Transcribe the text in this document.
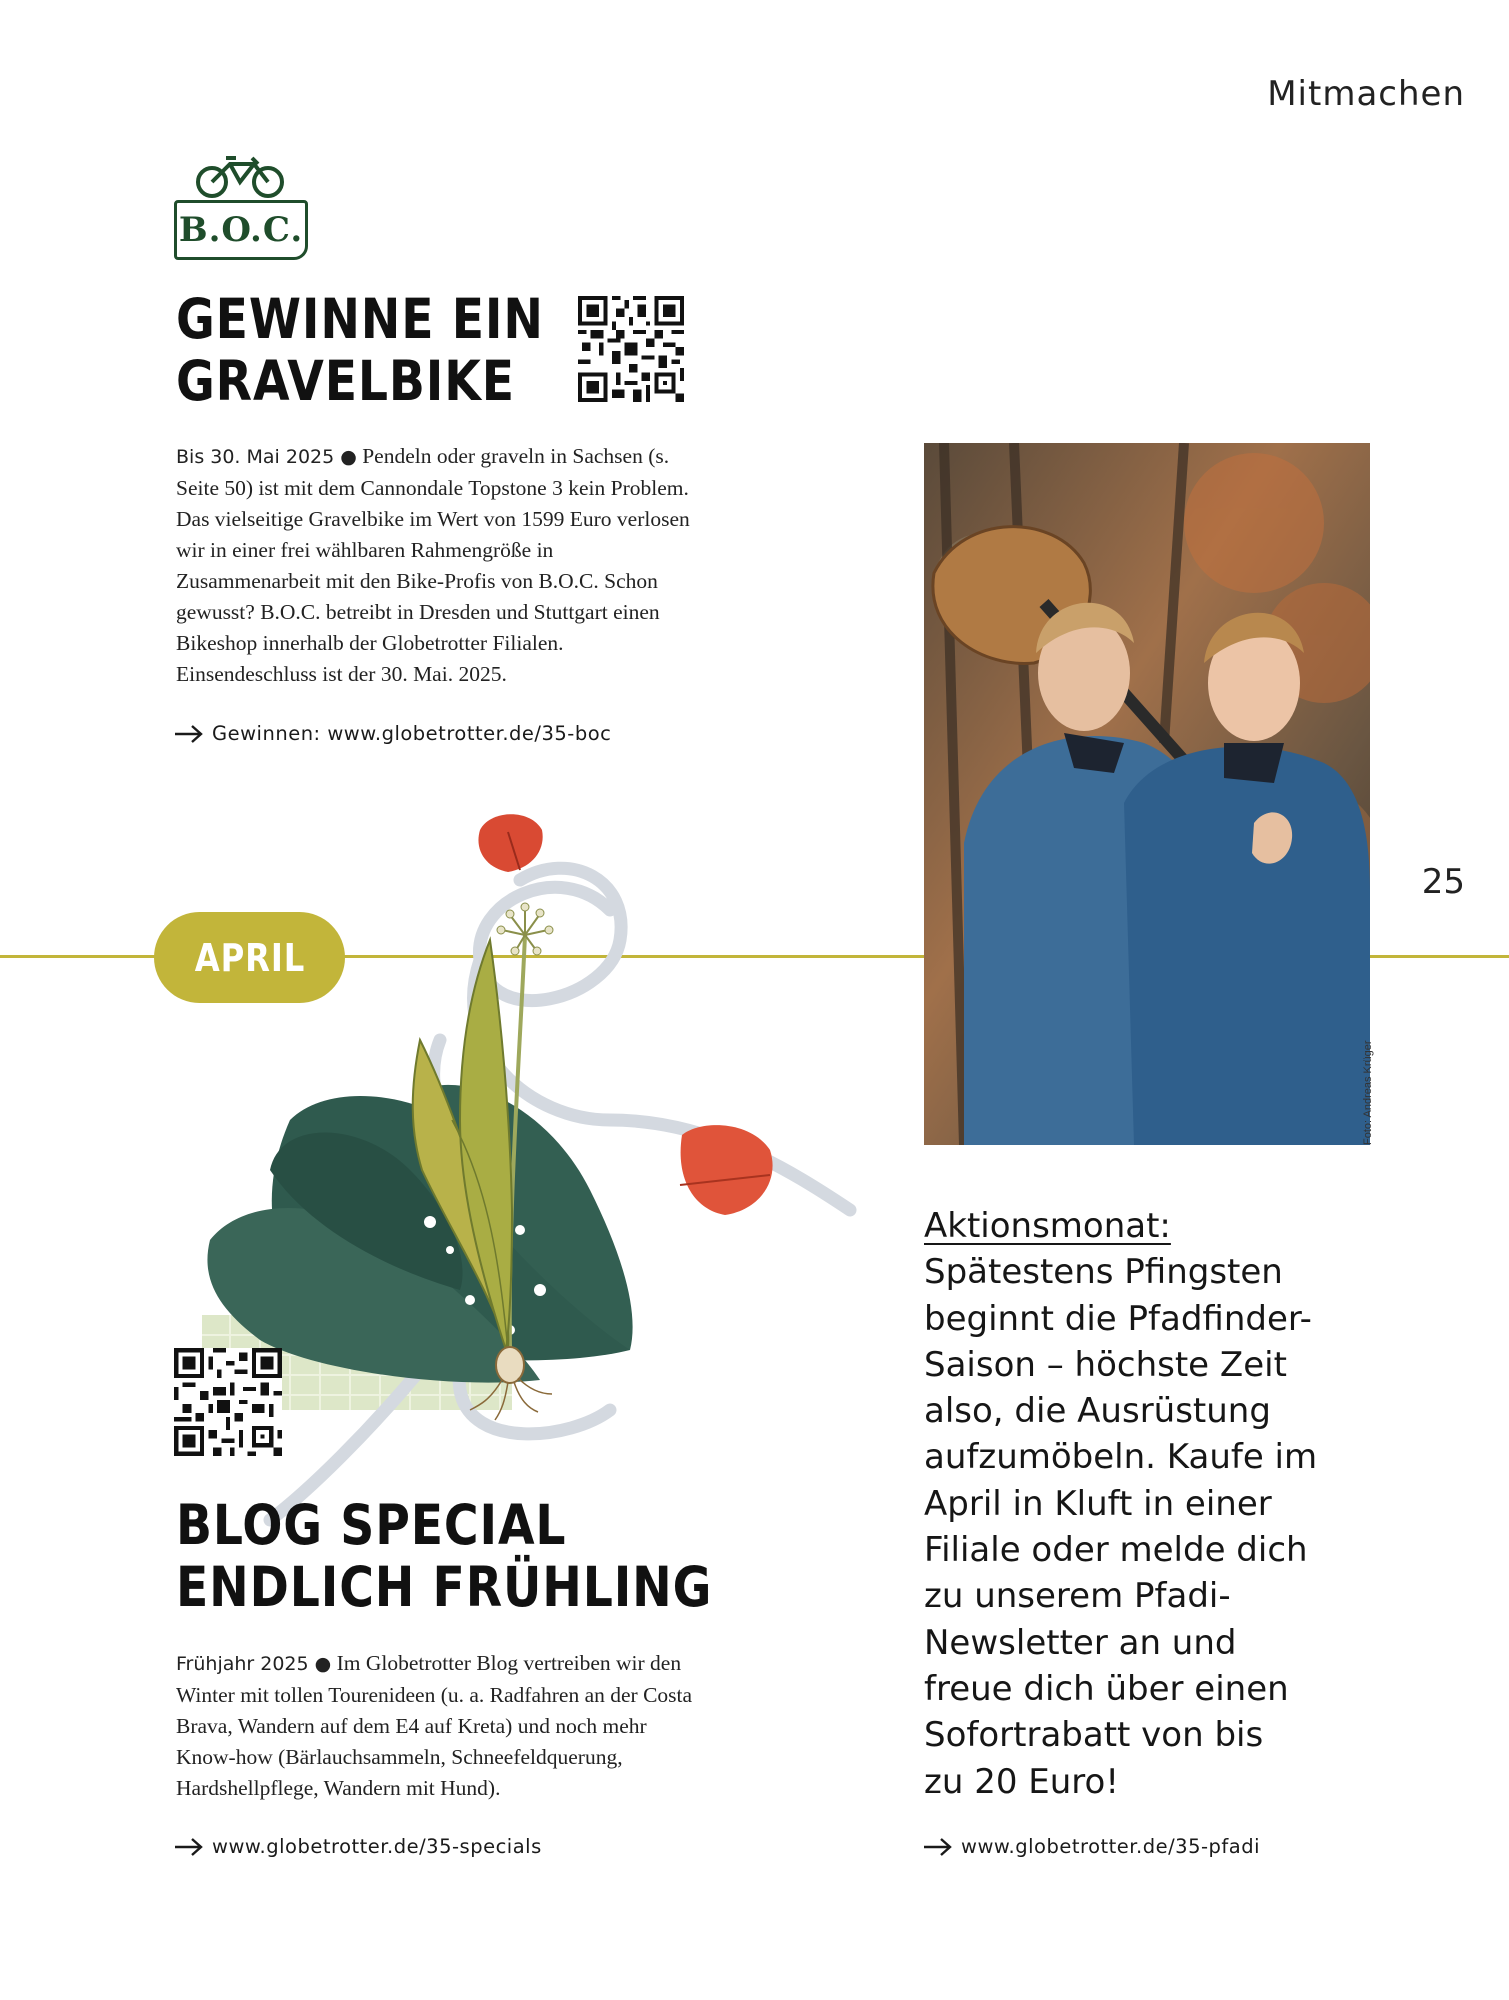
Mitmachen
25
B.O.C.
GEWINNE EIN
GRAVELBIKE
Bis 30. Mai 2025 ● Pendeln oder graveln in Sachsen (s. Seite 50) ist mit dem Cannondale Topstone 3 kein Problem. Das vielseitige Gravelbike im Wert von 1599 Euro verlosen wir in einer frei wählbaren Rahmengröße in Zusammenarbeit mit den Bike-Profis von B.O.C. Schon gewusst? B.O.C. betreibt in Dresden und Stuttgart einen Bikeshop innerhalb der Globetrotter Filialen. Einsendeschluss ist der 30. Mai. 2025.
Gewinnen: www.globetrotter.de/35-boc
APRIL
BLOG SPECIAL
ENDLICH FRÜHLING
Frühjahr 2025 ● Im Globetrotter Blog vertreiben wir den Winter mit tollen Tourenideen (u. a. Radfahren an der Costa Brava, Wandern auf dem E4 auf Kreta) und noch mehr Know-how (Bärlauchsammeln, Schneefeldquerung, Hardshellpflege, Wandern mit Hund).
www.globetrotter.de/35-specials
Foto: Andreas Krüger
Aktionsmonat:
Spätestens Pfingsten
beginnt die Pfadfinder-
Saison – höchste Zeit
also, die Ausrüstung
aufzumöbeln. Kaufe im
April in Kluft in einer
Filiale oder melde dich
zu unserem Pfadi-
Newsletter an und
freue dich über einen
Sofortrabatt von bis
zu 20 Euro!
www.globetrotter.de/35-pfadi
